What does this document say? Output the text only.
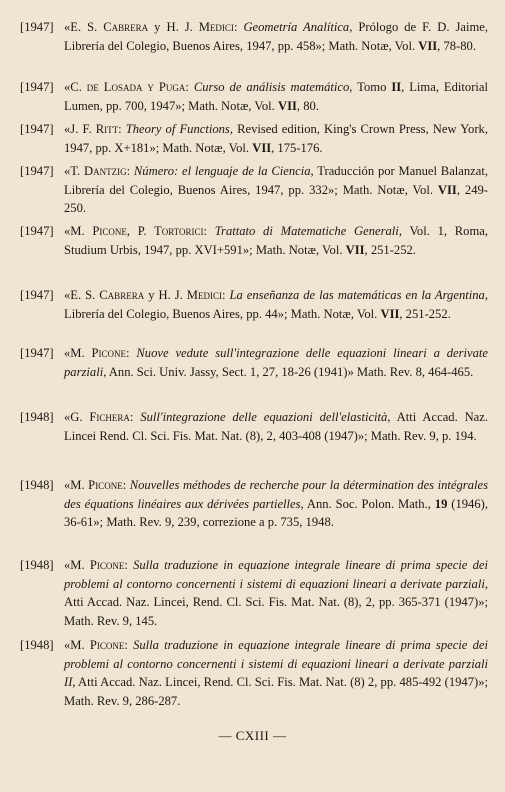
[1947] «E. S. Cabrera y H. J. Medici: Geometría Analítica, Prólogo de F. D. Jaime, Librería del Colegio, Buenos Aires, 1947, pp. 458»; Math. Notæ, Vol. VII, 78-80.
[1947] «C. de Losada y Puga: Curso de análisis matemático, Tomo II, Lima, Editorial Lumen, pp. 700, 1947»; Math. Notæ, Vol. VII, 80.
[1947] «J. F. Ritt: Theory of Functions, Revised edition, King's Crown Press, New York, 1947, pp. X+181»; Math. Notæ, Vol. VII, 175-176.
[1947] «T. Dantzig: Número: el lenguaje de la Ciencia, Traducción por Manuel Balanzat, Librería del Colegio, Buenos Aires, 1947, pp. 332»; Math. Notæ, Vol. VII, 249-250.
[1947] «M. Picone, P. Tortorici: Trattato di Matematiche Generali, Vol. 1, Roma, Studium Urbis, 1947, pp. XVI+591»; Math. Notæ, Vol. VII, 251-252.
[1947] «E. S. Cabrera y H. J. Medici: La enseñanza de las matemáticas en la Argentina, Librería del Colegio, Buenos Aires, pp. 44»; Math. Notæ, Vol. VII, 251-252.
[1947] «M. Picone: Nuove vedute sull'integrazione delle equazioni lineari a derivate parziali, Ann. Sci. Univ. Jassy, Sect. 1, 27, 18-26 (1941)» Math. Rev. 8, 464-465.
[1948] «G. Fichera: Sull'integrazione delle equazioni dell'elasticità, Atti Accad. Naz. Lincei Rend. Cl. Sci. Fis. Mat. Nat. (8), 2, 403-408 (1947)»; Math. Rev. 9, p. 194.
[1948] «M. Picone: Nouvelles méthodes de recherche pour la détermination des intégrales des équations linéaires aux dérivées partielles, Ann. Soc. Polon. Math., 19 (1946), 36-61»; Math. Rev. 9, 239, correzione a p. 735, 1948.
[1948] «M. Picone: Sulla traduzione in equazione integrale lineare di prima specie dei problemi al contorno concernenti i sistemi di equazioni lineari a derivate parziali, Atti Accad. Naz. Lincei, Rend. Cl. Sci. Fis. Mat. Nat. (8), 2, pp. 365-371 (1947)»; Math. Rev. 9, 145.
[1948] «M. Picone: Sulla traduzione in equazione integrale lineare di prima specie dei problemi al contorno concernenti i sistemi di equazioni lineari a derivate parziali II, Atti Accad. Naz. Lincei, Rend. Cl. Sci. Fis. Mat. Nat. (8) 2, pp. 485-492 (1947)»; Math. Rev. 9, 286-287.
— CXIII —
